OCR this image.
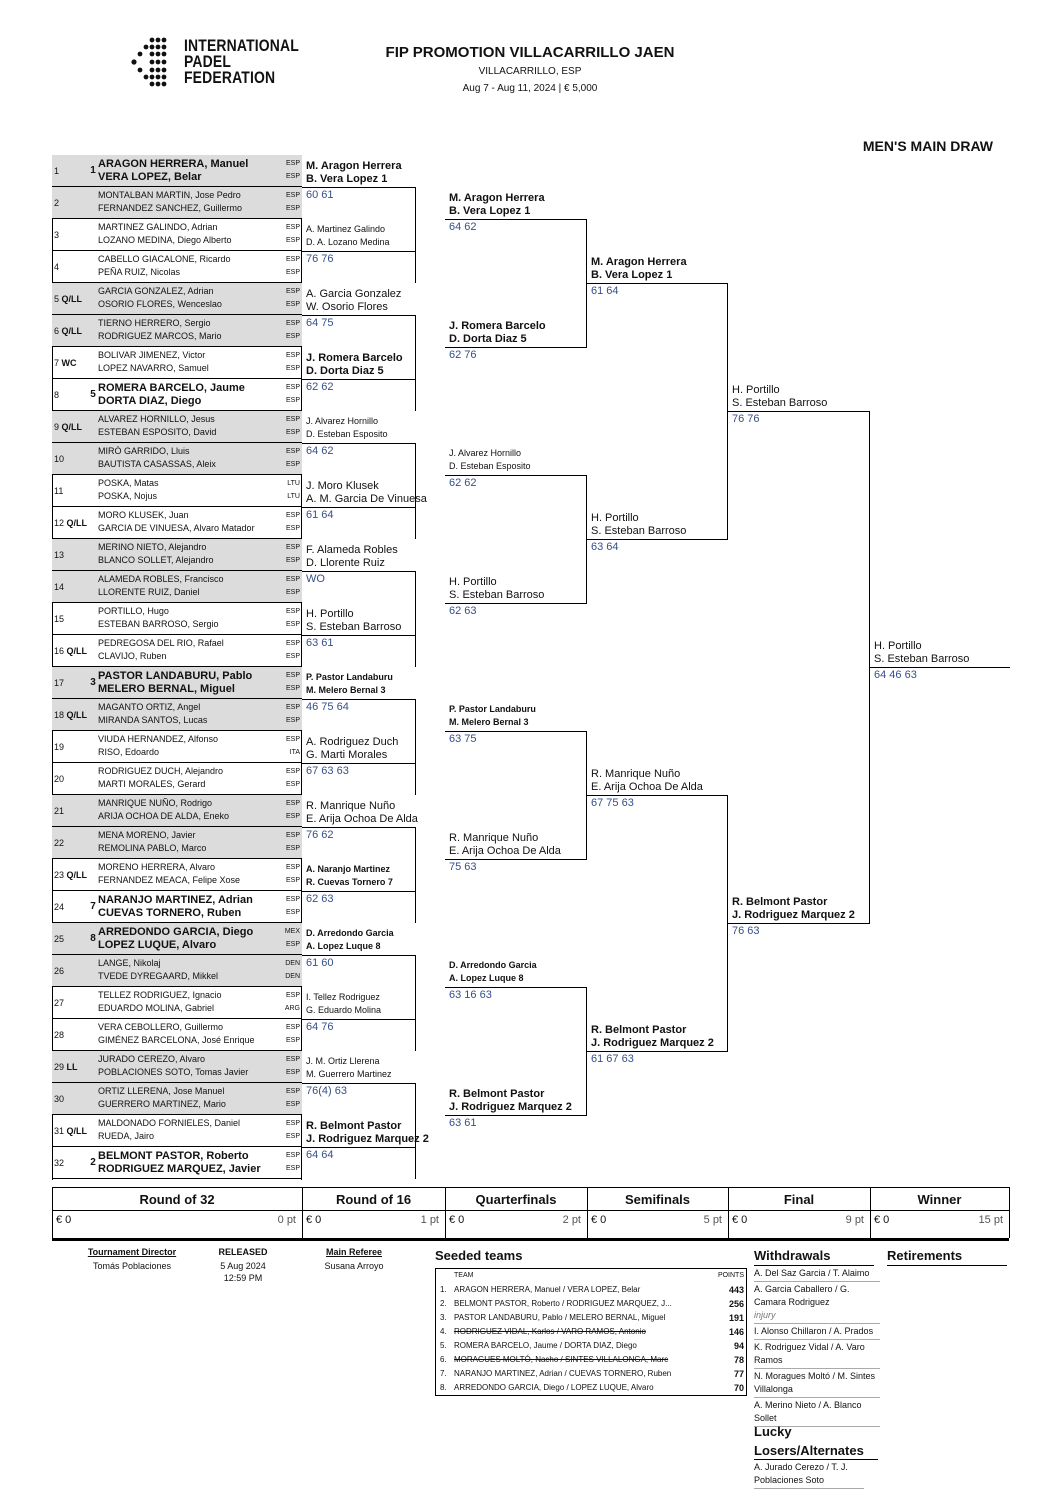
INTERNATIONAL
PADEL
FEDERATION
FIP PROMOTION VILLACARRILLO JAEN
VILLACARRILLO, ESP
Aug 7 - Aug 11, 2024 | € 5,000
MEN'S MAIN DRAW
1	1
ARAGON HERRERA, Manuel	ESP
VERA LOPEZ, Belar	ESP
2
MONTALBAN MARTIN, Jose Pedro	ESP
FERNANDEZ SANCHEZ, Guillermo	ESP
3
MARTINEZ GALINDO, Adrian	ESP
LOZANO MEDINA, Diego Alberto	ESP
4
CABELLO GIACALONE, Ricardo	ESP
PEÑA RUIZ, Nicolas	ESP
5 Q/LL
GARCIA GONZALEZ, Adrian	ESP
OSORIO FLORES, Wenceslao	ESP
6 Q/LL
TIERNO HERRERO, Sergio	ESP
RODRIGUEZ MARCOS, Mario	ESP
7 WC
BOLIVAR JIMENEZ, Victor	ESP
LOPEZ NAVARRO, Samuel	ESP
8	5
ROMERA BARCELO, Jaume	ESP
DORTA DIAZ, Diego	ESP
9 Q/LL
ALVAREZ HORNILLO, Jesus	ESP
ESTEBAN ESPOSITO, David	ESP
10
MIRÓ GARRIDO, Lluis	ESP
BAUTISTA CASASSAS, Aleix	ESP
11
POSKA, Matas	LTU
POSKA, Nojus	LTU
12 Q/LL
MORO KLUSEK, Juan	ESP
GARCIA DE VINUESA, Alvaro Matador	ESP
13
MERINO NIETO, Alejandro	ESP
BLANCO SOLLET, Alejandro	ESP
14
ALAMEDA ROBLES, Francisco	ESP
LLORENTE RUIZ, Daniel	ESP
15
PORTILLO, Hugo	ESP
ESTEBAN BARROSO, Sergio	ESP
16 Q/LL
PEDREGOSA DEL RIO, Rafael	ESP
CLAVIJO, Ruben	ESP
17	3
PASTOR LANDABURU, Pablo	ESP
MELERO BERNAL, Miguel	ESP
18 Q/LL
MAGANTO ORTIZ, Angel	ESP
MIRANDA SANTOS, Lucas	ESP
19
VIUDA HERNANDEZ, Alfonso	ESP
RISO, Edoardo	ITA
20
RODRIGUEZ DUCH, Alejandro	ESP
MARTI MORALES, Gerard	ESP
21
MANRIQUE NUÑO, Rodrigo	ESP
ARIJA OCHOA DE ALDA, Eneko	ESP
22
MENA MORENO, Javier	ESP
REMOLINA PABLO, Marco	ESP
23 Q/LL
MORENO HERRERA, Alvaro	ESP
FERNANDEZ MEACA, Felipe Xose	ESP
24	7
NARANJO MARTINEZ, Adrian	ESP
CUEVAS TORNERO, Ruben	ESP
25	8
ARREDONDO GARCIA, Diego	MEX
LOPEZ LUQUE, Alvaro	ESP
26
LANGE, Nikolaj	DEN
TVEDE DYREGAARD, Mikkel	DEN
27
TELLEZ RODRIGUEZ, Ignacio	ESP
EDUARDO MOLINA, Gabriel	ARG
28
VERA CEBOLLERO, Guillermo	ESP
GIMÉNEZ BARCELONA, José Enrique	ESP
29 LL
JURADO CEREZO, Alvaro	ESP
POBLACIONES SOTO, Tomas Javier	ESP
30
ORTIZ LLERENA, Jose Manuel	ESP
GUERRERO MARTINEZ, Mario	ESP
31 Q/LL
MALDONADO FORNIELES, Daniel	ESP
RUEDA, Jairo	ESP
32	2
BELMONT PASTOR, Roberto	ESP
RODRIGUEZ MARQUEZ, Javier	ESP
M. Aragon Herrera
B. Vera Lopez 1
60 61
A. Martinez Galindo
D. A. Lozano Medina
76 76
A. Garcia Gonzalez
W. Osorio Flores
64 75
J. Romera Barcelo
D. Dorta Diaz 5
62 62
J. Alvarez Hornillo
D. Esteban Esposito
64 62
J. Moro Klusek
A. M. Garcia De Vinuesa
61 64
F. Alameda Robles
D. Llorente Ruiz
WO
H. Portillo
S. Esteban Barroso
63 61
P. Pastor Landaburu
M. Melero Bernal 3
46 75 64
A. Rodriguez Duch
G. Marti Morales
67 63 63
R. Manrique Nuño
E. Arija Ochoa De Alda
76 62
A. Naranjo Martinez
R. Cuevas Tornero 7
62 63
D. Arredondo Garcia
A. Lopez Luque 8
61 60
I. Tellez Rodriguez
G. Eduardo Molina
64 76
J. M. Ortiz Llerena
M. Guerrero Martinez
76(4) 63
R. Belmont Pastor
J. Rodriguez Marquez 2
64 64
M. Aragon Herrera
B. Vera Lopez 1
64 62
J. Romera Barcelo
D. Dorta Diaz 5
62 76
J. Alvarez Hornillo
D. Esteban Esposito
62 62
H. Portillo
S. Esteban Barroso
62 63
P. Pastor Landaburu
M. Melero Bernal 3
63 75
R. Manrique Nuño
E. Arija Ochoa De Alda
75 63
D. Arredondo Garcia
A. Lopez Luque 8
63 16 63
R. Belmont Pastor
J. Rodriguez Marquez 2
63 61
M. Aragon Herrera
B. Vera Lopez 1
61 64
H. Portillo
S. Esteban Barroso
63 64
R. Manrique Nuño
E. Arija Ochoa De Alda
67 75 63
R. Belmont Pastor
J. Rodriguez Marquez 2
61 67 63
H. Portillo
S. Esteban Barroso
76 76
R. Belmont Pastor
J. Rodriguez Marquez 2
76 63
H. Portillo
S. Esteban Barroso
64 46 63
Round of 32
€ 0	0 pt
Round of 16
€ 0	1 pt
Quarterfinals
€ 0	2 pt
Semifinals
€ 0	5 pt
Final
€ 0	9 pt
Winner
€ 0	15 pt
Tournament Director
Tomás Poblaciones
RELEASED
5 Aug 2024
12:59 PM
Main Referee
Susana Arroyo
Seeded teams
TEAM	POINTS
1. ARAGON HERRERA, Manuel / VERA LOPEZ, Belar	443
2. BELMONT PASTOR, Roberto / RODRIGUEZ MARQUEZ, J...	256
3. PASTOR LANDABURU, Pablo / MELERO BERNAL, Miguel	191
4. RODRIGUEZ VIDAL, Karlos / VARO RAMOS, Antonio	146
5. ROMERA BARCELO, Jaume / DORTA DIAZ, Diego	94
6. MORAGUES MOLTÓ, Nacho / SINTES VILLALONGA, Marc	78
7. NARANJO MARTINEZ, Adrian / CUEVAS TORNERO, Ruben	77
8. ARREDONDO GARCIA, Diego / LOPEZ LUQUE, Alvaro	70
Withdrawals
A. Del Saz Garcia / T. Alaimo
A. Garcia Caballero / G. Camara Rodriguez
injury
I. Alonso Chillaron / A. Prados
K. Rodriguez Vidal / A. Varo Ramos
N. Moragues Moltó / M. Sintes Villalonga
A. Merino Nieto / A. Blanco Sollet
Retirements
Lucky
Losers/Alternates
A. Jurado Cerezo / T. J. Poblaciones Soto
